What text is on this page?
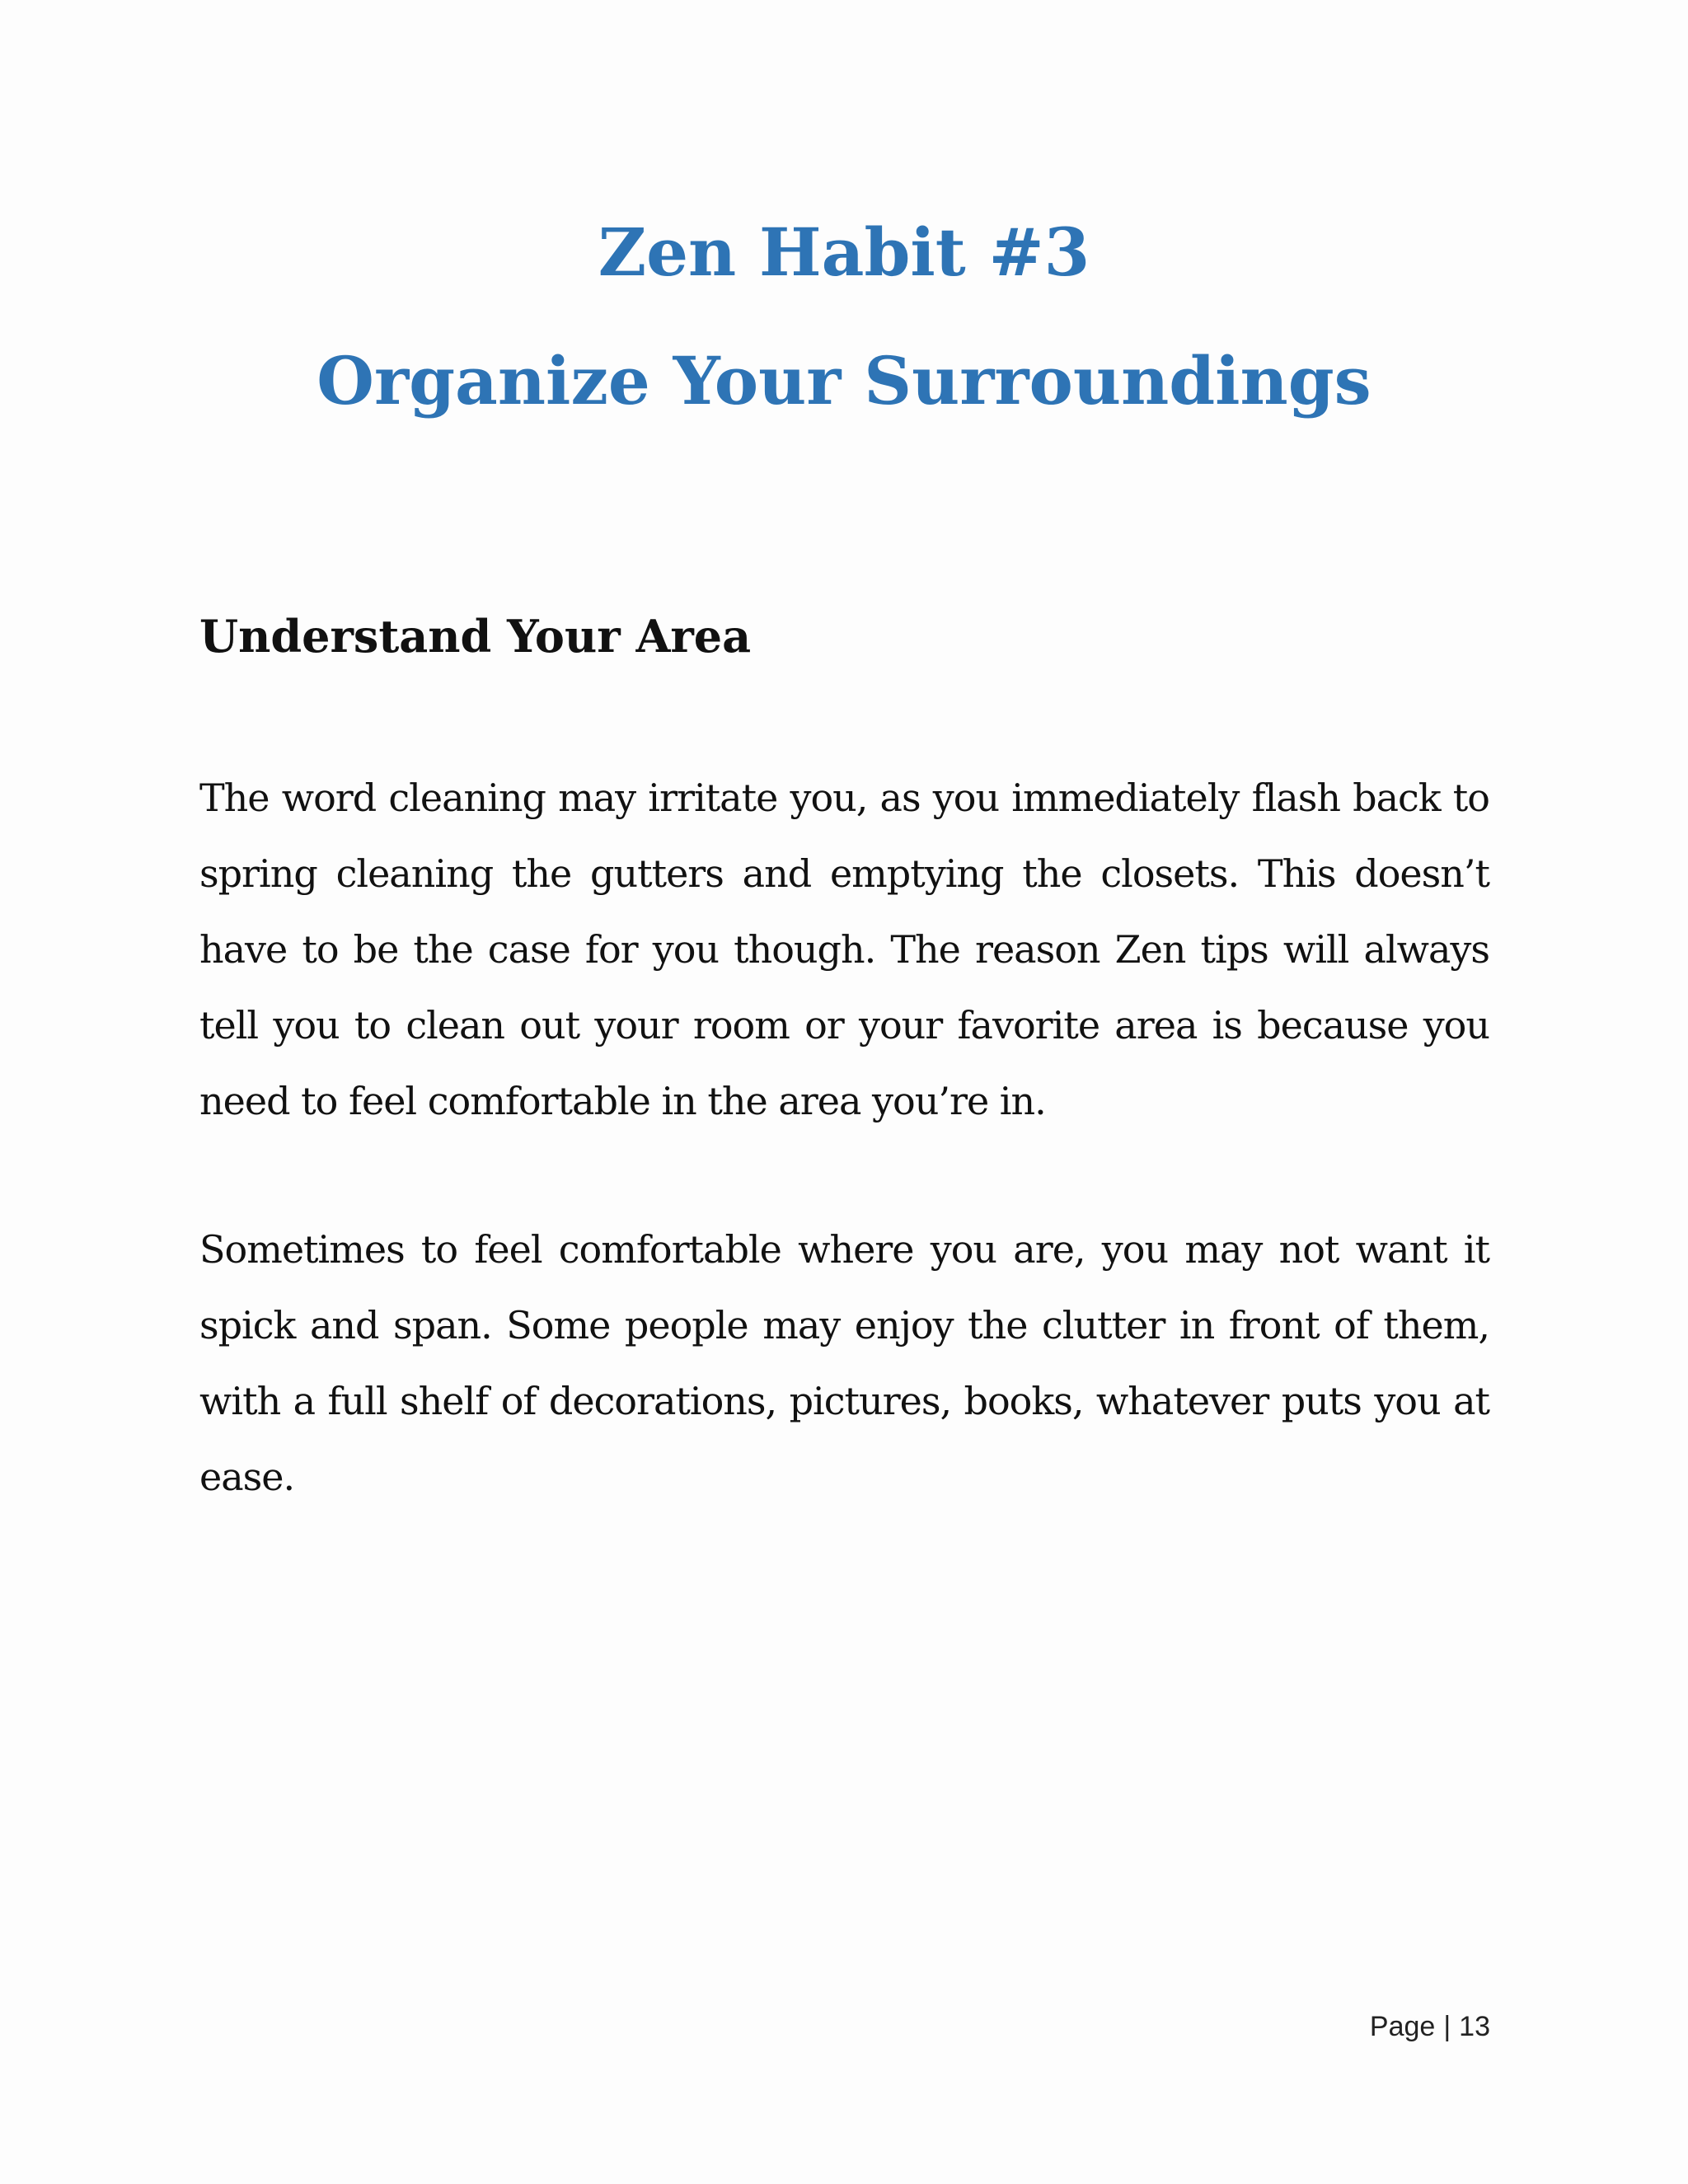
Zen Habit #3
Organize Your Surroundings
Understand Your Area

The word cleaning may irritate you, as you immediately flash back to spring cleaning the gutters and emptying the closets. This doesn’t have to be the case for you though. The reason Zen tips will always tell you to clean out your room or your favorite area is because you need to feel comfortable in the area you’re in.

Sometimes to feel comfortable where you are, you may not want it spick and span. Some people may enjoy the clutter in front of them, with a full shelf of decorations, pictures, books, whatever puts you at ease.

Page | 13
